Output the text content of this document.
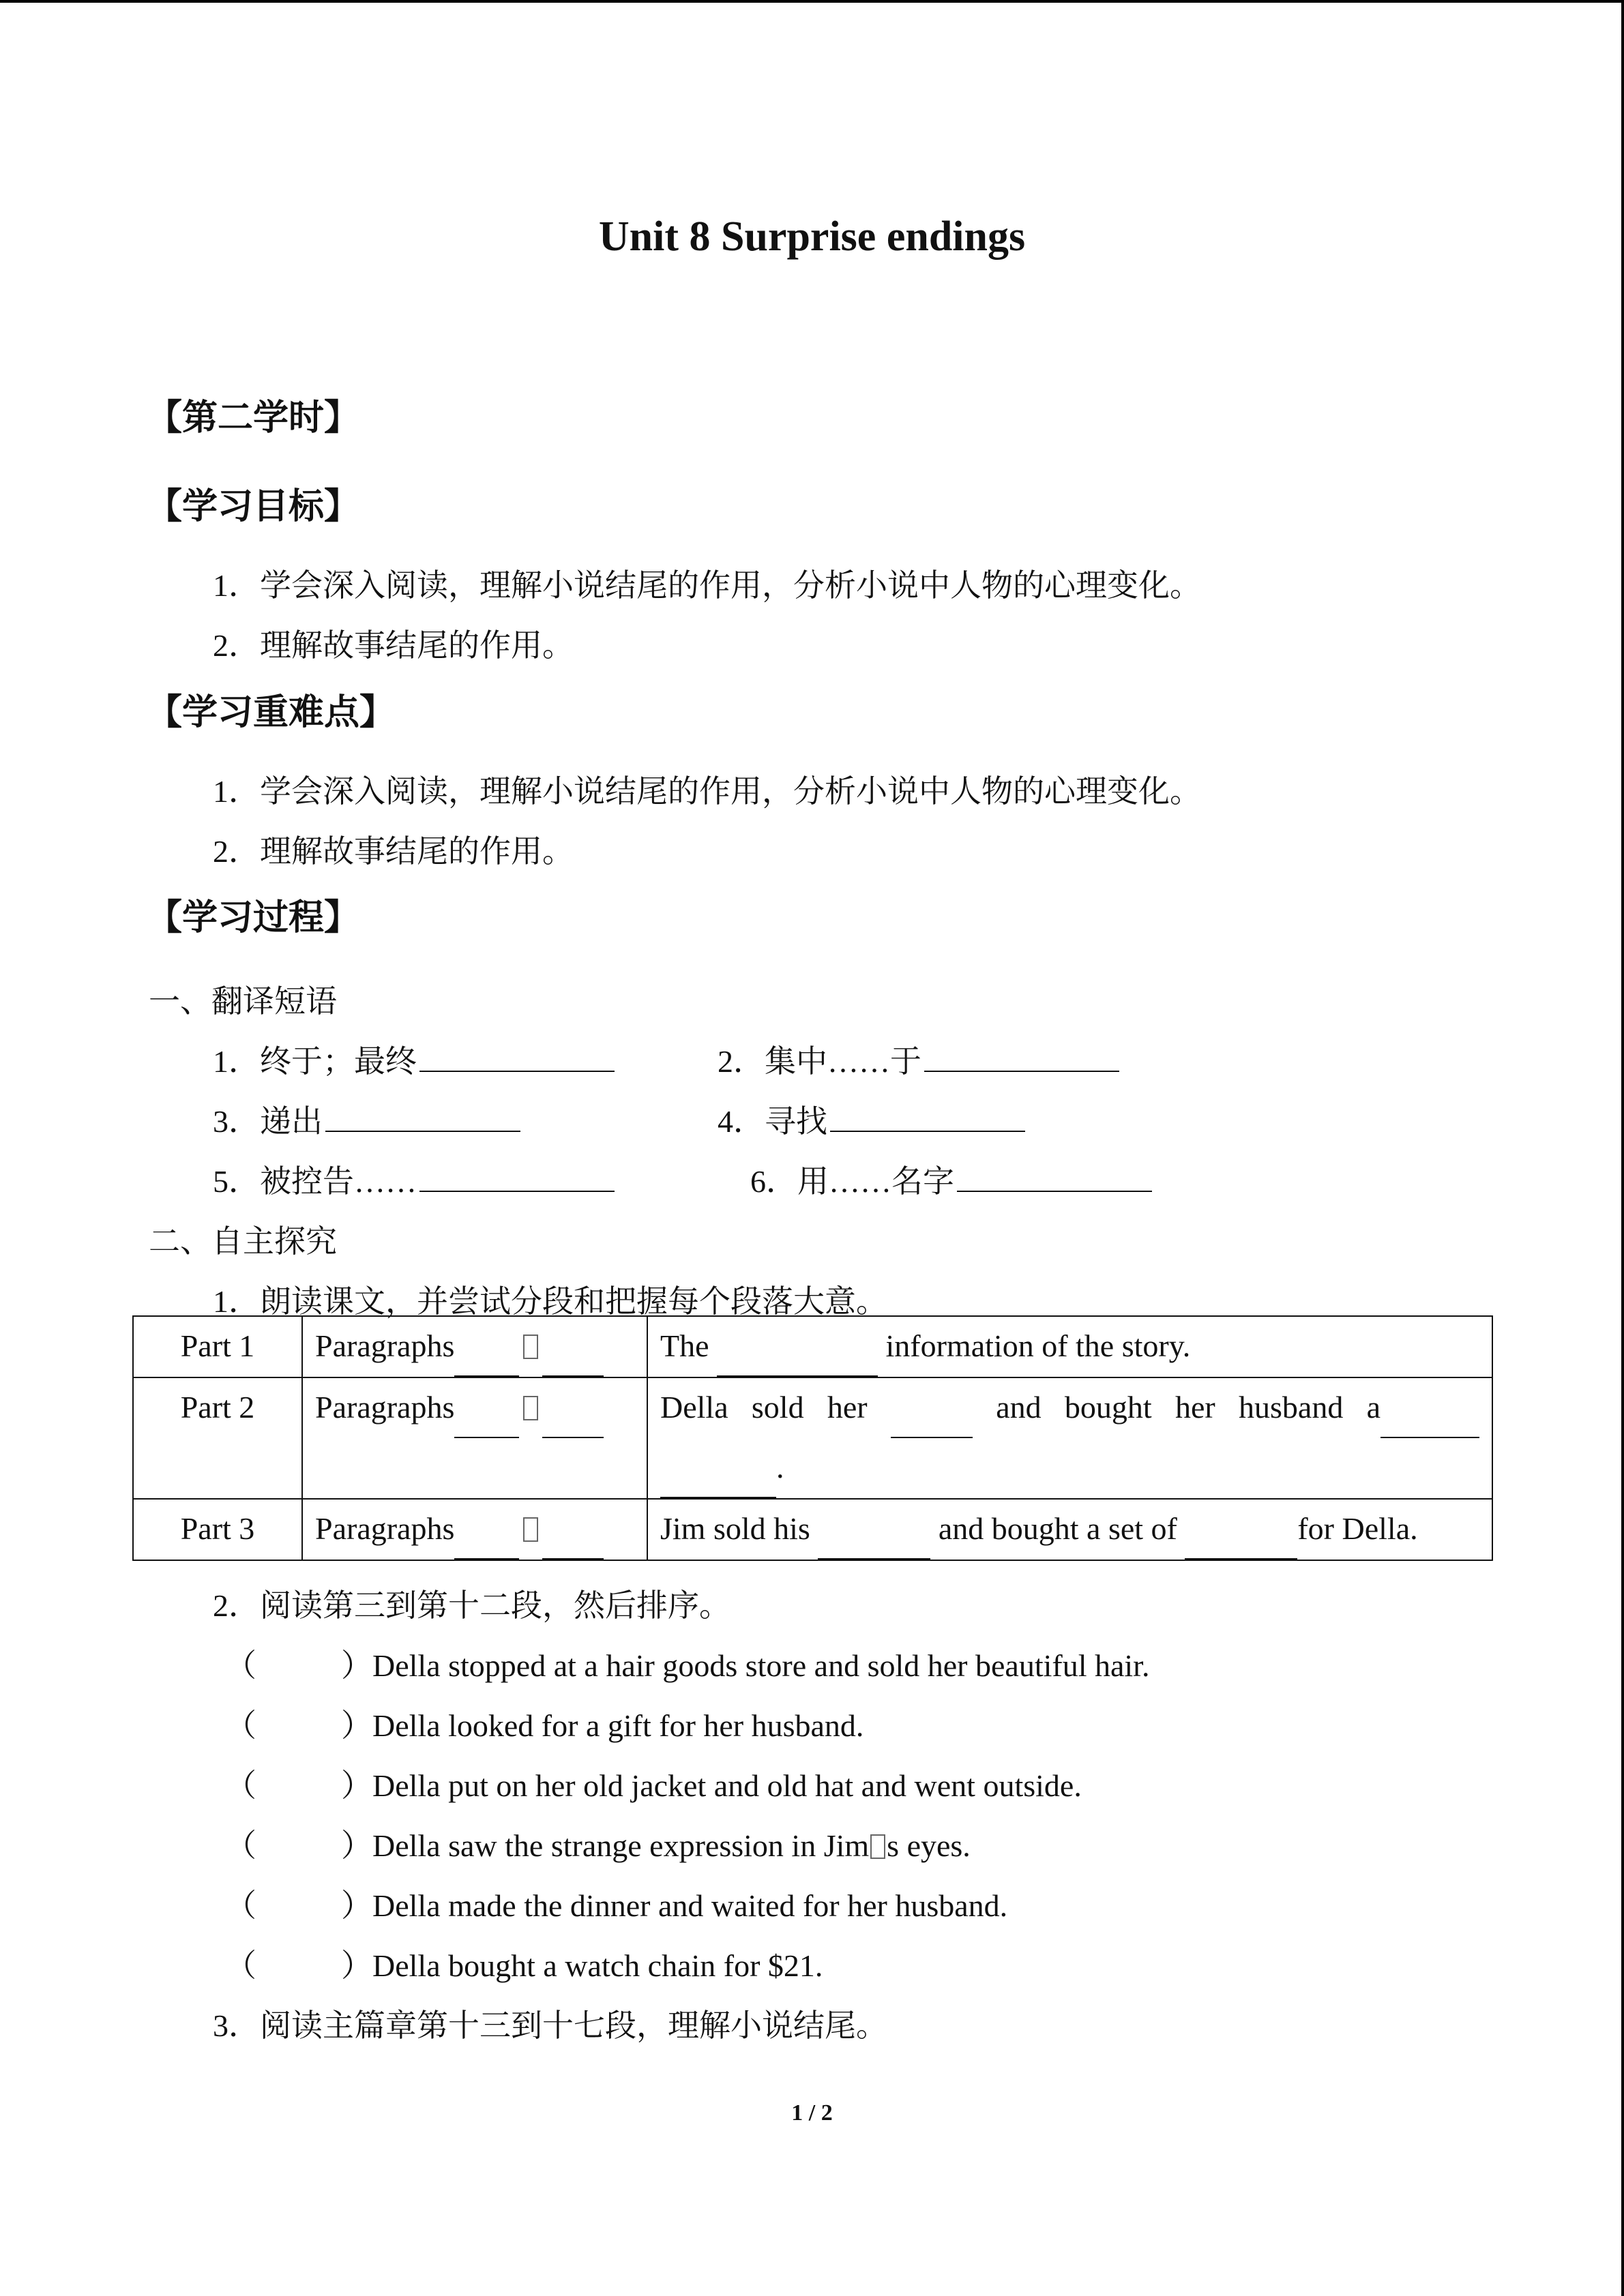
Unit 8 Surprise endings
【第二学时】
【学习目标】
1．学会深入阅读，理解小说结尾的作用，分析小说中人物的心理变化。
2．理解故事结尾的作用。
【学习重难点】
1．学会深入阅读，理解小说结尾的作用，分析小说中人物的心理变化。
2．理解故事结尾的作用。
【学习过程】
一、翻译短语
1．终于；最终	2．集中……于
3．递出	4．寻找
5．被控告……	6．用……名字
二、自主探究
1．朗读课文，并尝试分段和把握每个段落大意。
Part 1	Paragraphs	The information of the story.
Part 2	Paragraphs	Della sold her and bought her husband a
.

Part 3	Paragraphs	Jim sold his and bought a set of for Della.
2．阅读第三到第十二段，然后排序。
（	）Della stopped at a hair goods store and sold her beautiful hair.
（	）Della looked for a gift for her husband.
（	）Della put on her old jacket and old hat and went outside.
（	）Della saw the strange expression in Jim s eyes.
（	）Della made the dinner and waited for her husband.
（	）Della bought a watch chain for $21.
3．阅读主篇章第十三到十七段，理解小说结尾。
1 / 2
